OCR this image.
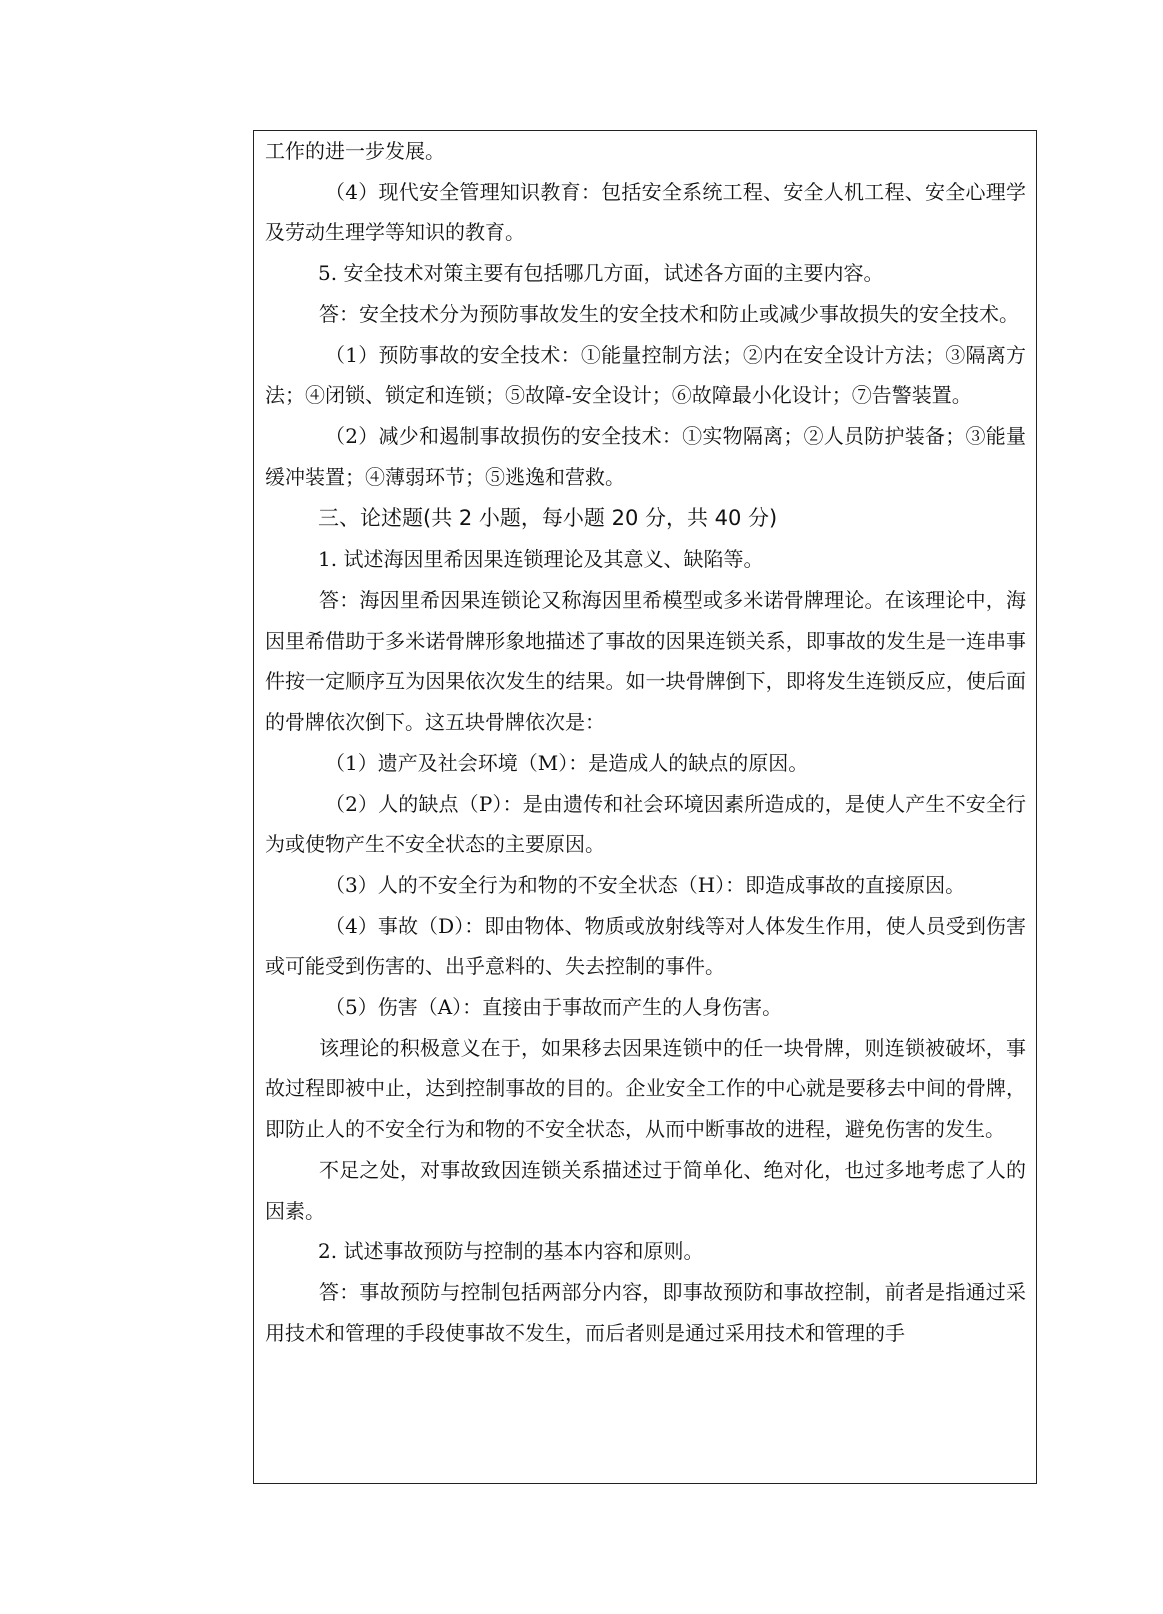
工作的进一步发展。

（4）现代安全管理知识教育：包括安全系统工程、安全人机工程、安全心理学及劳动生理学等知识的教育。

5. 安全技术对策主要有包括哪几方面，试述各方面的主要内容。

答：安全技术分为预防事故发生的安全技术和防止或减少事故损失的安全技术。

（1）预防事故的安全技术：①能量控制方法；②内在安全设计方法；③隔离方法；④闭锁、锁定和连锁；⑤故障-安全设计；⑥故障最小化设计；⑦告警装置。

（2）减少和遏制事故损伤的安全技术：①实物隔离；②人员防护装备；③能量缓冲装置；④薄弱环节；⑤逃逸和营救。

三、论述题(共 2 小题，每小题 20 分，共 40 分)

1. 试述海因里希因果连锁理论及其意义、缺陷等。

答：海因里希因果连锁论又称海因里希模型或多米诺骨牌理论。在该理论中，海因里希借助于多米诺骨牌形象地描述了事故的因果连锁关系，即事故的发生是一连串事件按一定顺序互为因果依次发生的结果。如一块骨牌倒下，即将发生连锁反应，使后面的骨牌依次倒下。这五块骨牌依次是：

（1）遗产及社会环境（M）：是造成人的缺点的原因。

（2）人的缺点（P）：是由遗传和社会环境因素所造成的，是使人产生不安全行为或使物产生不安全状态的主要原因。

（3）人的不安全行为和物的不安全状态（H）：即造成事故的直接原因。

（4）事故（D）：即由物体、物质或放射线等对人体发生作用，使人员受到伤害或可能受到伤害的、出乎意料的、失去控制的事件。

（5）伤害（A）：直接由于事故而产生的人身伤害。

该理论的积极意义在于，如果移去因果连锁中的任一块骨牌，则连锁被破坏，事故过程即被中止，达到控制事故的目的。企业安全工作的中心就是要移去中间的骨牌，即防止人的不安全行为和物的不安全状态，从而中断事故的进程，避免伤害的发生。

不足之处，对事故致因连锁关系描述过于简单化、绝对化，也过多地考虑了人的因素。

2. 试述事故预防与控制的基本内容和原则。

答：事故预防与控制包括两部分内容，即事故预防和事故控制，前者是指通过采用技术和管理的手段使事故不发生，而后者则是通过采用技术和管理的手
